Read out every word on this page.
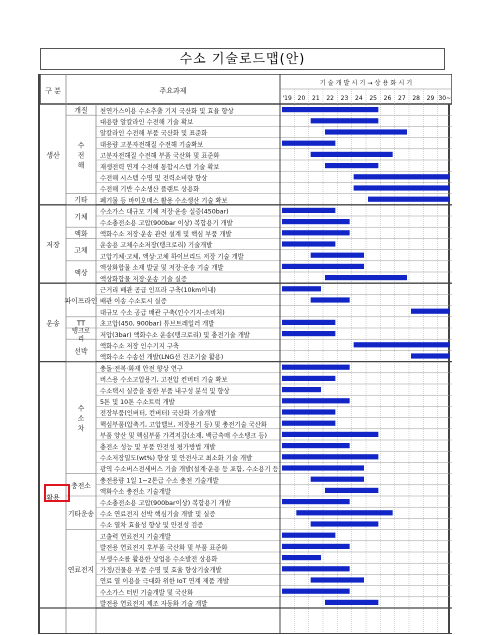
수소 기술로드맵(안)
구 분	주요과제
기 술 개 발 시 기 → 상 용 화 시 기
'19 20 21 22 23 24 25 26 27 28 29 30~
천연가스이용 수소추출 기지 국산화 및 효율 향상
대용량 알칼라인 수전해 기술 확보
알칼라인 수전해 부품 국산화 및 표준화
대용량 고분자전해질 수전해 기술확보
고분자전해질 수전해 부품 국산화 및 표준화
재생전력 연계 수전해 통합시스템 기술 확보
수전해 시스템 수명 및 전력소비량 향상
수전해 기반 수소생산 플랜트 상용화
폐기물 등 바이오매스 활용 수소생산 기술 확보
수소가스 대규모 기체 저장·운송 실증(450bar)
수소충전소용 고압(900bar 이상) 복합용기 개발
액화수소 저장·운송 관련 설계 및 핵심 부품 개발
운송용 고체수소저장(탱크로리) 기술개발
고압기체·고체, 액상·고체 하이브리드 저장 기술 개발
액상화합물 소재 발굴 및 저장·운송 기술 개발
액상화합물 저장·운송 기술 실증
근거리 배관 공급 인프라 구축(10km이내)
배관 이송 수소토시 실증
대규모 수소 공급 배관 구축(인수기지-소비처)
초고압(450, 900bar) 튜브트레일러 개발
저압(3bar) 액화수소 운송(탱크로리) 및 충전기술 개발
액화수소 저장 인수기지 구축
액화수소 수송선 개발(LNG선 건조기술 활용)
충돌·전복·화재 안전 향상 연구
버스용 수소고압용기, 고전압 컨버터 기술 확보
수소택시 실증을 통한 부품 내구성 분석 및 향상
5톤 및 10톤 수소트럭 개발
전장부품(인버터, 컨버터) 국산화 기술개발
핵심부품(압축기, 고압밸브, 저장용기 등) 및 충전기술 국산화
부품 양산 및 핵심부품 가격저감(소재, 백금촉매 수소탱크 등)
충전소 성능 및 부품 안전성 평가방법 개발
수소저장밀도(wt%) 향상 및 안전사고 최소화 기술 개발
광역 수소버스전세버스 기술 개발(설계·운용 등 포함, 수소용기 등)
충전용량 1일 1~2톤급 수소 충전 기술개발
액화수소 충전소 기술개발
수소충전소용 고압(900bar이상) 복합용기 개발
수소 연료전지 선박 핵심기술 개발 및 실증
수소 열차 효율성 향상 및 안전성 검증
고출력 연료전지 기술개발
발전용 연료전지 후부품 국산화 및 부품 표준화
부생수소를 활용한 상업용 수소발전 상용화
가정/건물용 부품 수명 및 효율 향상기술개발
연료 열 이용을 극대화 위한 IoT 연계 제품 개발
수소가스 터빈 기술개발 및 국산화
발전용 연료전지 제조 자동화 기술 개발
생산
저장
운송
활용
개질
수
전
해
기타
기체
액화
고체
액상
파이프라인
TT
탱크로
리
선박
수
소
차
충전소
기타운송
연료전지
